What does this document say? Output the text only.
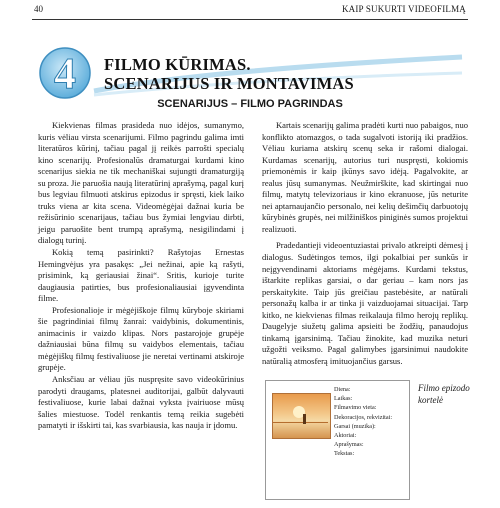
40	KAIP SUKURTI VIDEOFILMĄ
4 FILMO KŪRIMAS.
SCENARIJUS IR MONTAVIMAS
SCENARIJUS – FILMO PAGRINDAS

Kiekvienas filmas prasideda nuo idėjos, sumanymo, kuris vėliau virsta scenarijumi. Filmo pagrindu galima imti literatūros kūrinį, tačiau pagal jį reikės parrošti specialų kino scenarijų. Profesionalūs dramaturgai kurdami kino scenarijus siekia ne tik mechaniškai sujungti dramaturgiją su proza. Jie paruošia naują literatūrinį aprašymą, pagal kurį bus legviau filmuoti atskirus epizodus ir spręsti, kiek laiko truks viena ar kita scena. Videomėgėjai dažnai kuria be režisūrinio scenarijaus, tačiau bus žymiai lengviau dirbti, jeigu paruošite bent trumpą aprašymą, nesigilindami į dialogų turinį.

Kokią temą pasirinkti? Rašytojas Ernestas Hemingvėjus yra pasakęs: „Jei nežinai, apie ką rašyti, prisimink, ką geriausiai žinai“. Sritis, kurioje turite daugiausia patirties, bus profesionaliausiai įgyvendinta filme.

Profesionalioje ir mėgėjiškoje filmų kūryboje skiriami šie pagrindiniai filmų žanrai: vaidybinis, dokumentinis, animacinis ir vaizdo klipas. Nors pastarojoje grupėje dažniausiai būna filmų su vaidybos elementais, tačiau mėgėjiškų filmų festivaliuose jie neretai vertinami atskiroje grupėje.

Anksčiau ar vėliau jūs nuspręsite savo videokūrinius parodyti draugams, platesnei auditorijai, galbūt dalyvauti festivaliuose, kurie labai dažnai vyksta įvairiuose mūsų šalies miestuose. Todėl renkantis temą reikia sugebėti pamatyti ir išskirti tai, kas svarbiausia, kas nauja ir įdomu.

Kartais scenarijų galima pradėti kurti nuo pabaigos, nuo konflikto atomazgos, o tada sugalvoti istoriją iki pradžios. Vėliau kuriama atskirų scenų seka ir rašomi dialogai. Kurdamas scenarijų, autorius turi nuspręsti, kokiomis priemonėmis ir kaip įkūnys savo idėją. Pagalvokite, ar realus jūsų sumanymas. Neužmirškite, kad skirtingai nuo filmų, matytų televizoriaus ir kino ekranuose, jūs neturite nei aptarnaujančio personalo, nei kelių dešimčių darbuotojų kūrybinės grupės, nei milžiniškos piniginės sumos projektui realizuoti.

Pradedantieji videoentuziastai privalo atkreipti dėmesį į dialogus. Sudėtingos temos, ilgi pokalbiai per sunkūs ir neįgyvendinami aktoriams mėgėjams. Kurdami tekstus, ištarkite replikas garsiai, o dar geriau – kam nors jas perskaitykite. Taip jūs greičiau pastebėsite, ar natūrali personažų kalba ir ar tinka ji vaizduojamai situacijai. Tarp kitko, ne kiekvienas filmas reikalauja filmo herojų replikų. Daugelyje siužetų galima apsieiti be žodžių, panaudojus tinkamą įgarsinimą. Tačiau žinokite, kad muzika neturi užgožti veiksmo. Pagal galimybes įgarsinimui naudokite natūralią atmosferą imituojančius garsus.

Diena:
Laikas:
Filmavimo vieta:
Dekoracijos, rekvizitai:
Garsai (muzika):
Aktoriai:
Aprašymas:
Tekstas:
Filmo epizodo
kortelė
